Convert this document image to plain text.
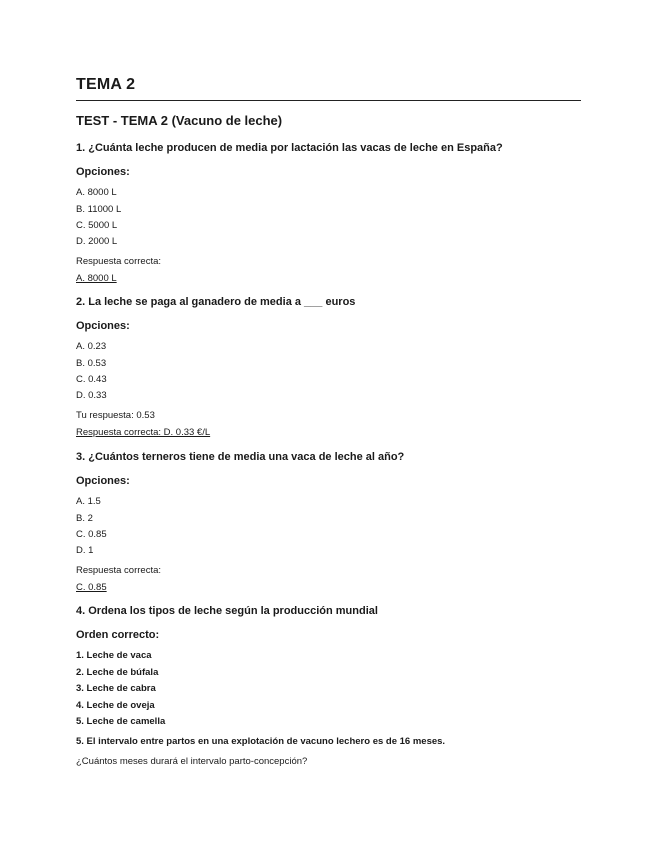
TEMA 2
TEST - TEMA 2 (Vacuno de leche)
1. ¿Cuánta leche producen de media por lactación las vacas de leche en España?
Opciones:
A. 8000 L
B. 11000 L
C. 5000 L
D. 2000 L
Respuesta correcta:
A. 8000 L
2. La leche se paga al ganadero de media a ___ euros
Opciones:
A. 0.23
B. 0.53
C. 0.43
D. 0.33
Tu respuesta: 0.53
Respuesta correcta: D. 0.33 €/L
3. ¿Cuántos terneros tiene de media una vaca de leche al año?
Opciones:
A. 1.5
B. 2
C. 0.85
D. 1
Respuesta correcta:
C. 0.85
4. Ordena los tipos de leche según la producción mundial
Orden correcto:
1. Leche de vaca
2. Leche de búfala
3. Leche de cabra
4. Leche de oveja
5. Leche de camella
5. El intervalo entre partos en una explotación de vacuno lechero es de 16 meses.
¿Cuántos meses durará el intervalo parto-concepción?
